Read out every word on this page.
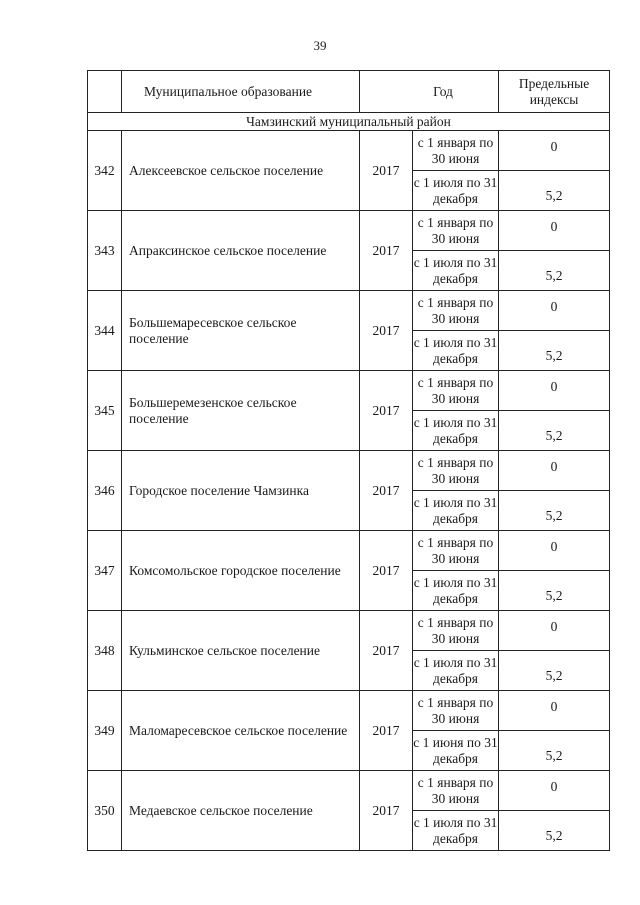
39
	Муниципальное образование	Год		Предельные индексы
Чамзинский муниципальный район				
342	Алексеевское сельское поселение	2017	с 1 января по 30 июня	0
			с 1 июля по 31 декабря	5,2
343	Апраксинское сельское поселение	2017	с 1 января по 30 июня	0
			с 1 июля по 31 декабря	5,2
344	Большемаресевское сельское поселение	2017	с 1 января по 30 июня	0
			с 1 июля по 31 декабря	5,2
345	Большеремезенское сельское поселение	2017	с 1 января по 30 июня	0
			с 1 июля по 31 декабря	5,2
346	Городское поселение Чамзинка	2017	с 1 января по 30 июня	0
			с 1 июля по 31 декабря	5,2
347	Комсомольское городское поселение	2017	с 1 января по 30 июня	0
			с 1 июля по 31 декабря	5,2
348	Кульминское сельское поселение	2017	с 1 января по 30 июня	0
			с 1 июля по 31 декабря	5,2
349	Маломаресевское сельское поселение	2017	с 1 января по 30 июня	0
			с 1 июня по 31 декабря	5,2
350	Медаевское сельское поселение	2017	с 1 января по 30 июня	0
			с 1 июля по 31 декабря	5,2
